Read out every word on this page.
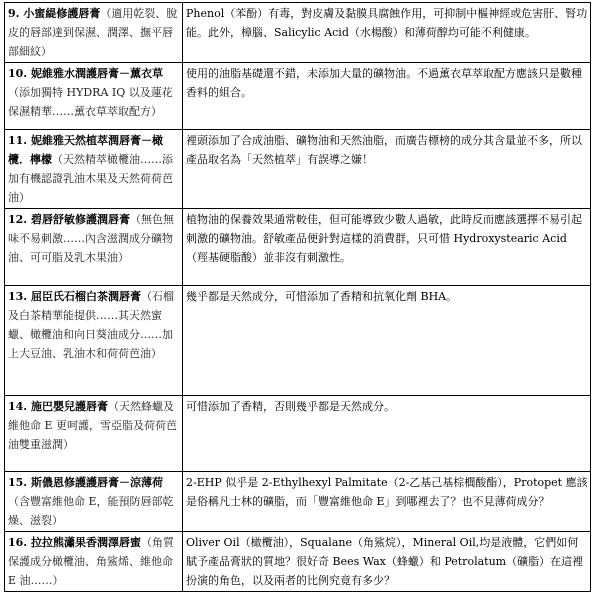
9. 小蜜緹修護唇膏（適用乾裂、脫皮的唇部達到保濕、潤澤、撫平唇部細紋）	Phenol（苯酚）有毒，對皮膚及黏膜具腐蝕作用，可抑制中樞神經或危害肝、腎功能。此外，樟腦、Salicylic Acid（水楊酸）和薄荷醇均可能不利健康。
10. 妮維雅水潤護唇膏－薰衣草（添加獨特 HYDRA IQ 以及蓮花保濕精華……薰衣草萃取配方）	使用的油脂基礎還不錯，未添加大量的礦物油。不過薰衣草萃取配方應該只是數種香料的組合。
11. 妮維雅天然植萃潤唇膏－橄欖．檸檬（天然精萃橄欖油……添加有機認證乳油木果及天然荷荷芭油）	裡頭添加了合成油脂、礦物油和天然油脂，而廣告標榜的成分其含量並不多，所以產品取名為「天然植萃」有誤導之嫌！
12. 碧唇舒敏修護潤唇膏（無色無味不易刺激……內含滋潤成分礦物油、可可脂及乳木果油）	植物油的保養效果通常較佳，但可能導致少數人過敏，此時反而應該選擇不易引起刺激的礦物油。舒敏產品便針對這樣的消費群，只可惜 Hydroxystearic Acid（羥基硬脂酸）並非沒有刺激性。
13. 屈臣氏石榴白茶潤唇膏（石榴及白茶精華能提供……其天然蜜蠟、橄欖油和向日葵油成分……加上大豆油、乳油木和荷荷芭油）	幾乎都是天然成分，可惜添加了香精和抗氧化劑 BHA。
14. 施巴嬰兒護唇膏（天然蜂蠟及維他命 E 更呵護，雪亞脂及荷荷芭油雙重滋潤）	可惜添加了香精，否則幾乎都是天然成分。
15. 斯儂恩修護護唇膏－涼薄荷（含豐富維他命 E，能預防唇部乾燥、滋裂）	2-EHP 似乎是 2-Ethylhexyl Palmitate（2-乙基己基棕櫚酸酯），Protopet 應該是俗稱凡士林的礦脂，而「豐富維他命 E」到哪裡去了？也不見薄荷成分？
16. 拉拉熊瀟果香潤澤唇蜜（角質保護成分橄欖油、角鯊烯、維他命 E 油……）	Oliver Oil（橄欖油），Squalane（角鯊烷），Mineral Oil,均是液體，它們如何賦予產品膏狀的質地？很好奇 Bees Wax（蜂蠟）和 Petrolatum（礦脂）在這裡扮演的角色，以及兩者的比例究竟有多少？
